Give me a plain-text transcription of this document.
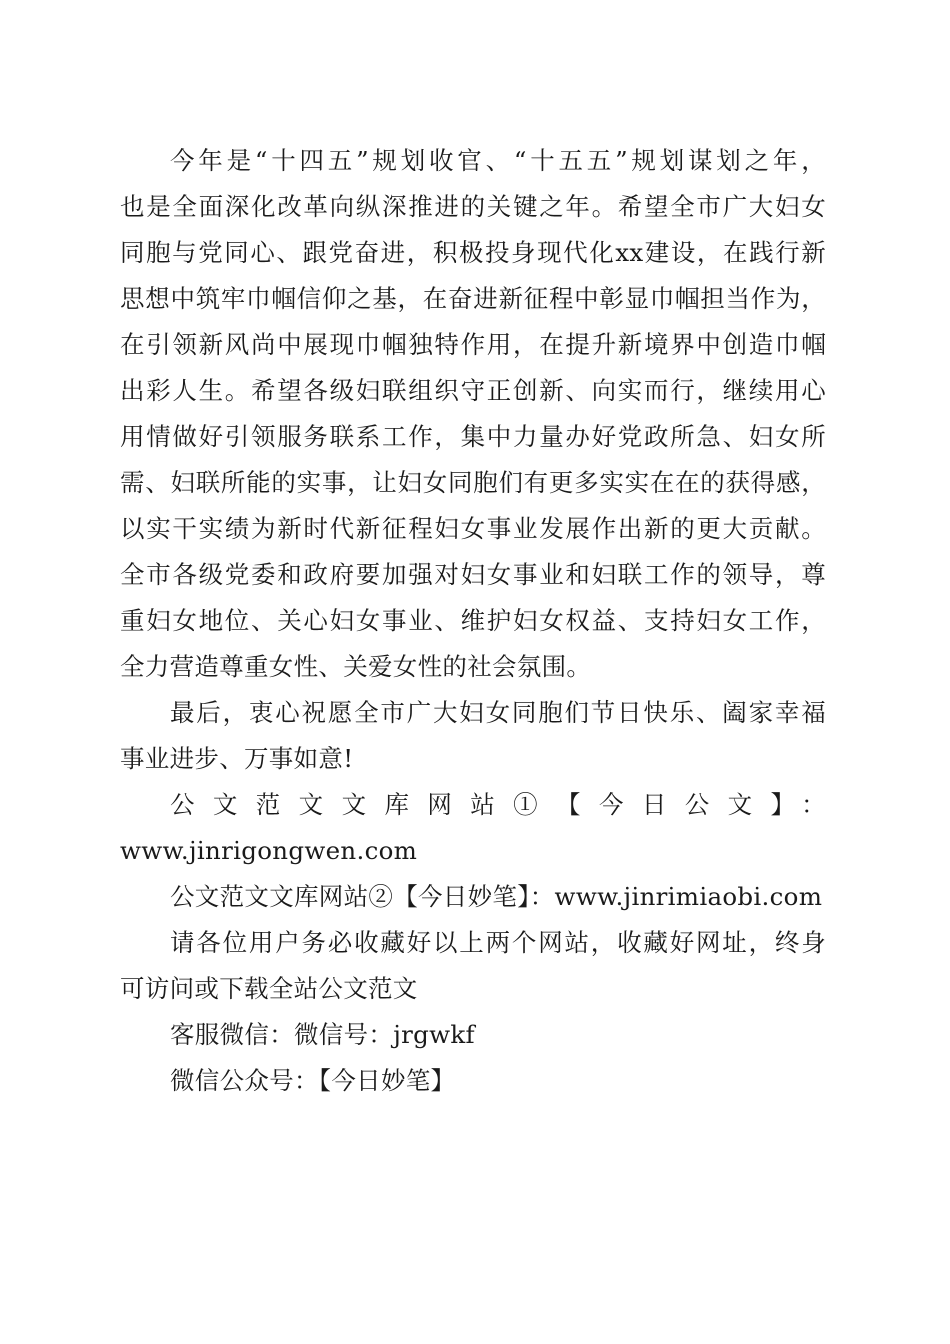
今年是“十四五”规划收官、“十五五”规划谋划之年，
也是全面深化改革向纵深推进的关键之年。希望全市广大妇女
同胞与党同心、跟党奋进，积极投身现代化xx建设，在践行新
思想中筑牢巾帼信仰之基，在奋进新征程中彰显巾帼担当作为，
在引领新风尚中展现巾帼独特作用，在提升新境界中创造巾帼
出彩人生。希望各级妇联组织守正创新、向实而行，继续用心
用情做好引领服务联系工作，集中力量办好党政所急、妇女所
需、妇联所能的实事，让妇女同胞们有更多实实在在的获得感，
以实干实绩为新时代新征程妇女事业发展作出新的更大贡献。
全市各级党委和政府要加强对妇女事业和妇联工作的领导，尊
重妇女地位、关心妇女事业、维护妇女权益、支持妇女工作，
全力营造尊重女性、关爱女性的社会氛围。
最后，衷心祝愿全市广大妇女同胞们节日快乐、阖家幸福
事业进步、万事如意!
公文范文文库网站①【今日公文】：
www.jinrigongwen.com
公文范文文库网站②【今日妙笔】：www.jinrimiaobi.com
请各位用户务必收藏好以上两个网站，收藏好网址，终身
可访问或下载全站公文范文
客服微信：微信号：jrgwkf
微信公众号：【今日妙笔】
